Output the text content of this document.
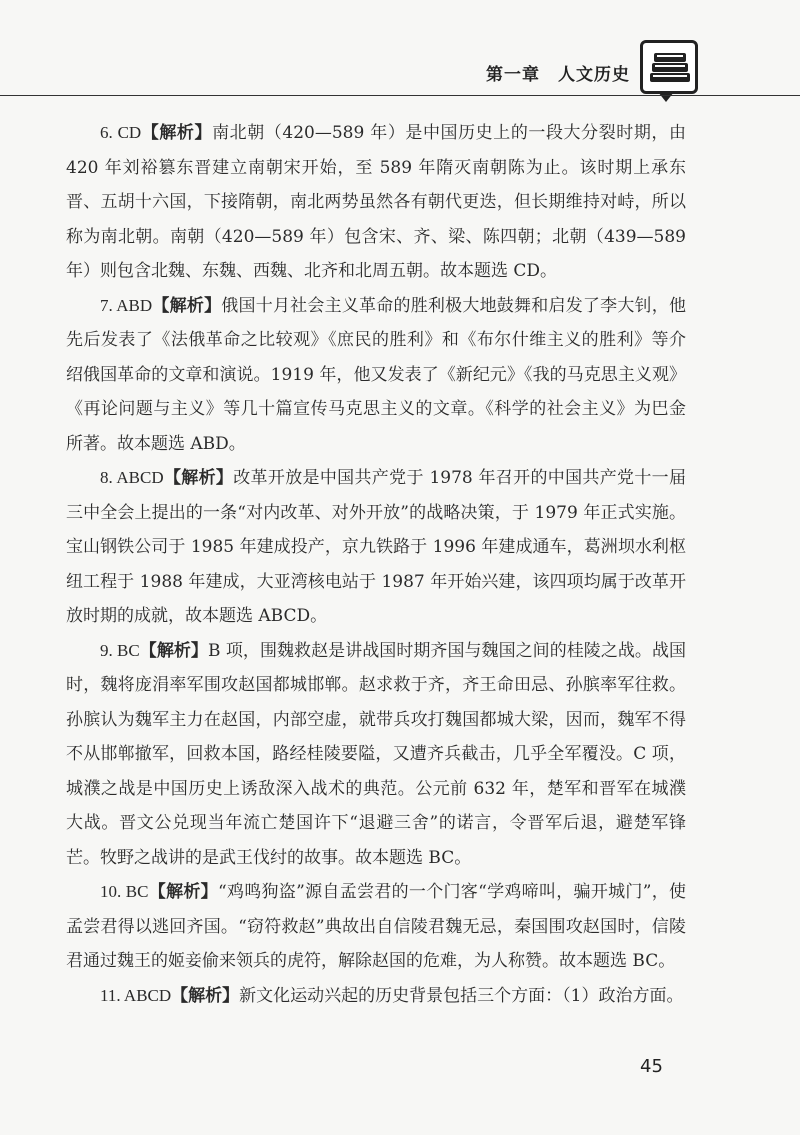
第一章　人文历史

6. CD【解析】南北朝（420—589 年）是中国历史上的一段大分裂时期，由 420 年刘裕篡东晋建立南朝宋开始，至 589 年隋灭南朝陈为止。该时期上承东晋、五胡十六国，下接隋朝，南北两势虽然各有朝代更迭，但长期维持对峙，所以称为南北朝。南朝（420—589 年）包含宋、齐、梁、陈四朝；北朝（439—589 年）则包含北魏、东魏、西魏、北齐和北周五朝。故本题选 CD。

7. ABD【解析】俄国十月社会主义革命的胜利极大地鼓舞和启发了李大钊，他先后发表了《法俄革命之比较观》《庶民的胜利》和《布尔什维主义的胜利》等介绍俄国革命的文章和演说。1919 年，他又发表了《新纪元》《我的马克思主义观》《再论问题与主义》等几十篇宣传马克思主义的文章。《科学的社会主义》为巴金所著。故本题选 ABD。

8. ABCD【解析】改革开放是中国共产党于 1978 年召开的中国共产党十一届三中全会上提出的一条“对内改革、对外开放”的战略决策，于 1979 年正式实施。宝山钢铁公司于 1985 年建成投产，京九铁路于 1996 年建成通车，葛洲坝水利枢纽工程于 1988 年建成，大亚湾核电站于 1987 年开始兴建，该四项均属于改革开放时期的成就，故本题选 ABCD。

9. BC【解析】B 项，围魏救赵是讲战国时期齐国与魏国之间的桂陵之战。战国时，魏将庞涓率军围攻赵国都城邯郸。赵求救于齐，齐王命田忌、孙膑率军往救。孙膑认为魏军主力在赵国，内部空虚，就带兵攻打魏国都城大梁，因而，魏军不得不从邯郸撤军，回救本国，路经桂陵要隘，又遭齐兵截击，几乎全军覆没。C 项，城濮之战是中国历史上诱敌深入战术的典范。公元前 632 年，楚军和晋军在城濮大战。晋文公兑现当年流亡楚国许下“退避三舍”的诺言，令晋军后退，避楚军锋芒。牧野之战讲的是武王伐纣的故事。故本题选 BC。

10. BC【解析】“鸡鸣狗盗”源自孟尝君的一个门客“学鸡啼叫，骗开城门”，使孟尝君得以逃回齐国。“窃符救赵”典故出自信陵君魏无忌，秦国围攻赵国时，信陵君通过魏王的姬妾偷来领兵的虎符，解除赵国的危难，为人称赞。故本题选 BC。

11. ABCD【解析】新文化运动兴起的历史背景包括三个方面：（1）政治方面。

45
